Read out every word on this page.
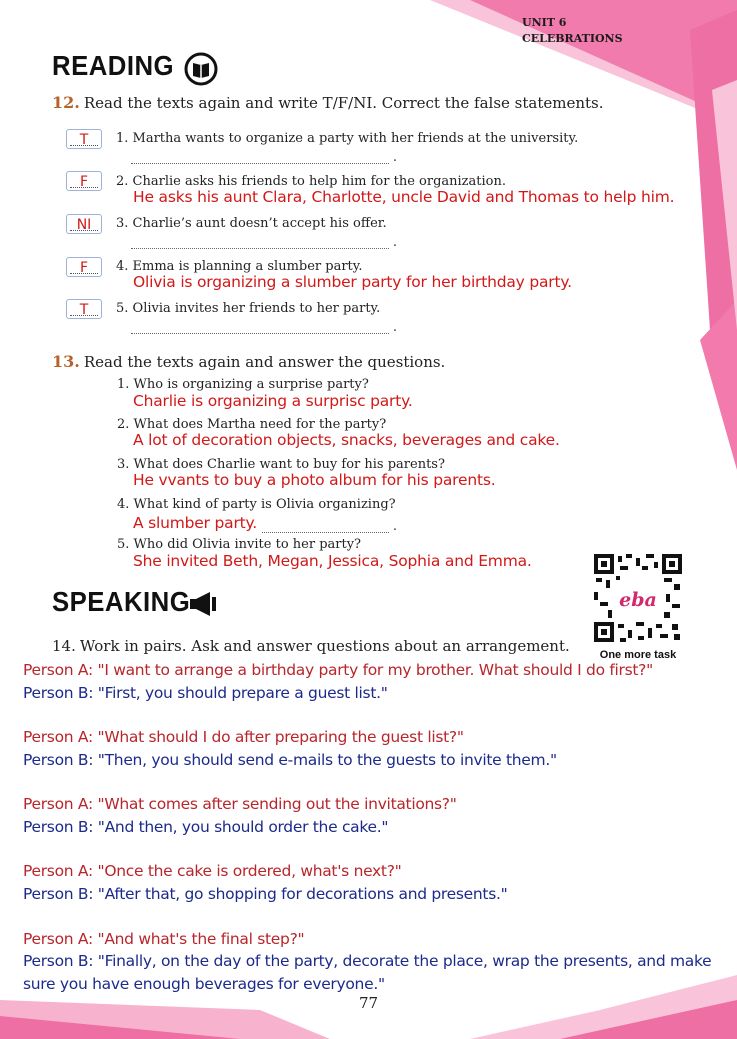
UNIT 6
CELEBRATIONS
READING
12. Read the texts again and write T/F/NI. Correct the false statements.
T	1. Martha wants to organize a party with her friends at the university.
.
F	2. Charlie asks his friends to help him for the organization.
He asks his aunt Clara, Charlotte, uncle David and Thomas to help him.
NI	3. Charlie’s aunt doesn’t accept his offer.
.
F	4. Emma is planning a slumber party.
Olivia is organizing a slumber party for her birthday party.
T	5. Olivia invites her friends to her party.
.
13. Read the texts again and answer the questions.
1. Who is organizing a surprise party?
Charlie is organizing a surprisc party.
2. What does Martha need for the party?
A lot of decoration objects, snacks, beverages and cake.
3. What does Charlie want to buy for his parents?
He vvants to buy a photo album for his parents.
4. What kind of party is Olivia organizing?
A slumber party.
.
5. Who did Olivia invite to her party?
She invited Beth, Megan, Jessica, Sophia and Emma.
SPEAKING
14. Work in pairs. Ask and answer questions about an arrangement.
eba
One more task
Person A: "I want to arrange a birthday party for my brother. What should I do first?"
Person B: "First, you should prepare a guest list."
Person A: "What should I do after preparing the guest list?"
Person B: "Then, you should send e-mails to the guests to invite them."
Person A: "What comes after sending out the invitations?"
Person B: "And then, you should order the cake."
Person A: "Once the cake is ordered, what's next?"
Person B: "After that, go shopping for decorations and presents."
Person A: "And what's the final step?"
Person B: "Finally, on the day of the party, decorate the place, wrap the presents, and make
sure you have enough beverages for everyone."
77
